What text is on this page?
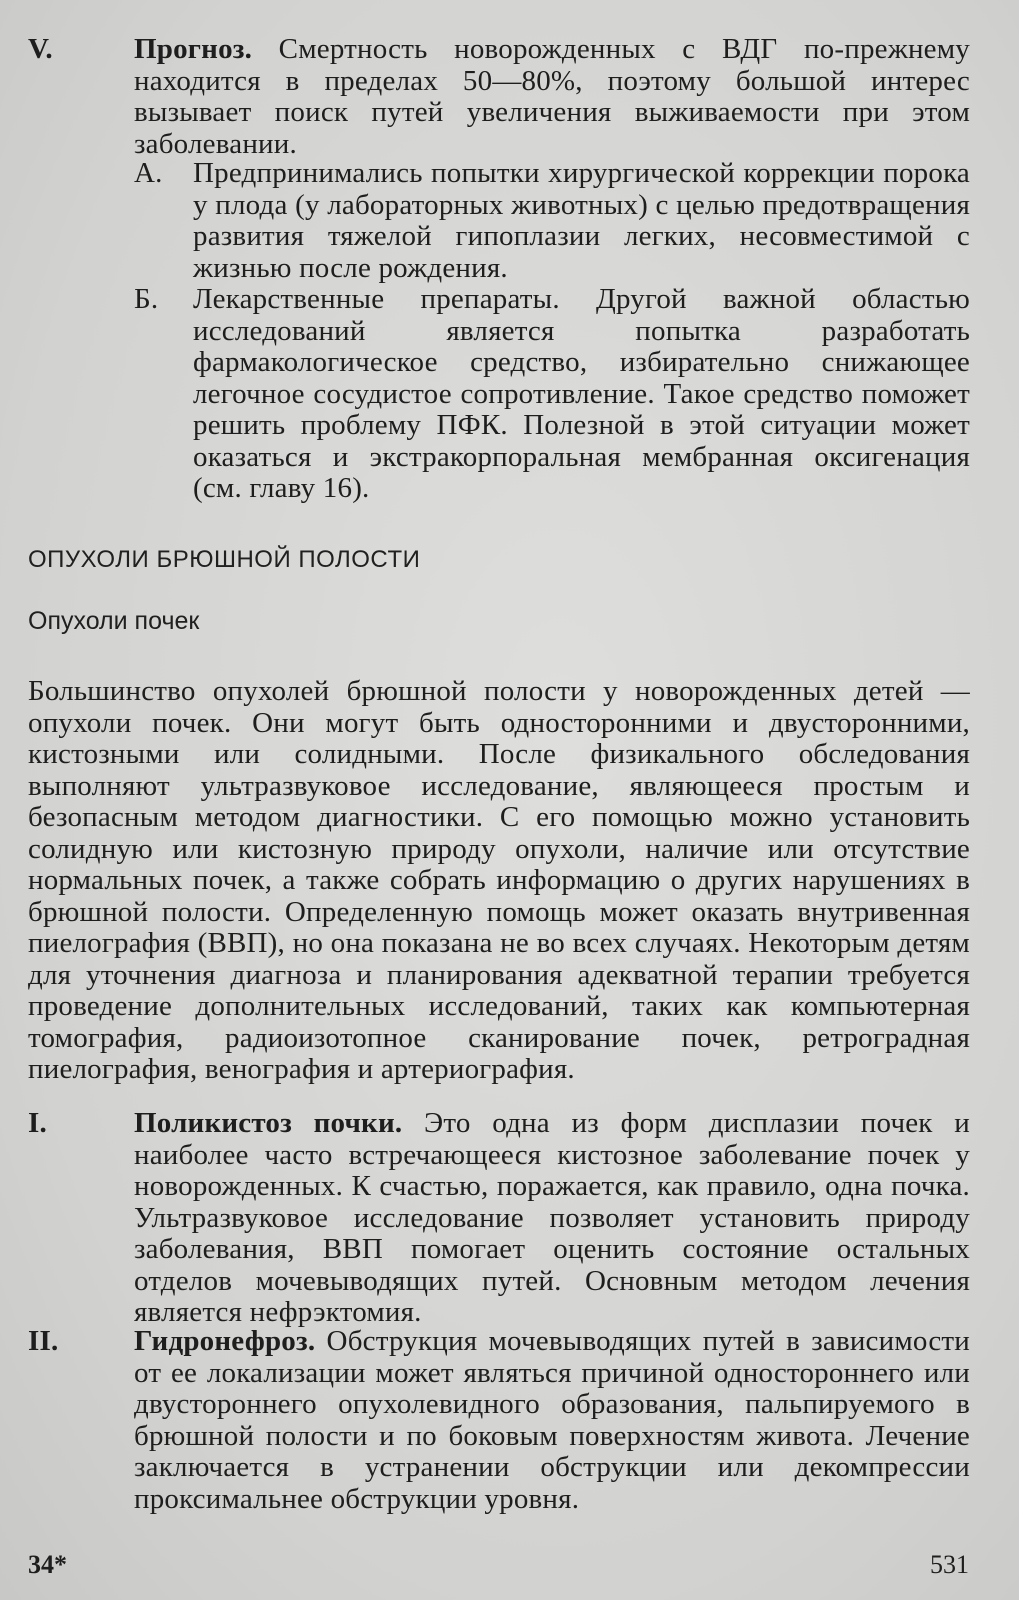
V.	Прогноз. Смертность новорожденных с ВДГ по-прежнему находится в пределах 50—80%, поэтому большой интерес вызывает поиск путей увеличения выживаемости при этом заболевании.

А. Предпринимались попытки хирургической коррекции порока у плода (у лабораторных животных) с целью предотвращения развития тяжелой гипоплазии легких, несовместимой с жизнью после рождения.

Б. Лекарственные препараты. Другой важной областью исследований является попытка разработать фармакологическое средство, избирательно снижающее легочное сосудистое сопротивление. Такое средство поможет решить проблему ПФК. Полезной в этой ситуации может оказаться и экстракорпоральная мембранная оксигенация (см. главу 16).

ОПУХОЛИ БРЮШНОЙ ПОЛОСТИ
Опухоли почек
Большинство опухолей брюшной полости у новорожденных детей — опухоли почек. Они могут быть односторонними и двусторонними, кистозными или солидными. После физикального обследования выполняют ультразвуковое исследование, являющееся простым и безопасным методом диагностики. С его помощью можно установить солидную или кистозную природу опухоли, наличие или отсутствие нормальных почек, а также собрать информацию о других нарушениях в брюшной полости. Определенную помощь может оказать внутривенная пиелография (ВВП), но она показана не во всех случаях. Некоторым детям для уточнения диагноза и планирования адекватной терапии требуется проведение дополнительных исследований, таких как компьютерная томография, радиоизотопное сканирование почек, ретроградная пиелография, венография и артериография.
I.	Поликистоз почки. Это одна из форм дисплазии почек и наиболее часто встречающееся кистозное заболевание почек у новорожденных. К счастью, поражается, как правило, одна почка. Ультразвуковое исследование позволяет установить природу заболевания, ВВП помогает оценить состояние остальных отделов мочевыводящих путей. Основным методом лечения является нефрэктомия.

II.	Гидронефроз. Обструкция мочевыводящих путей в зависимости от ее локализации может являться причиной одностороннего или двустороннего опухолевидного образования, пальпируемого в брюшной полости и по боковым поверхностям живота. Лечение заключается в устранении обструкции или декомпрессии проксимальнее обструкции уровня.

34*	531
